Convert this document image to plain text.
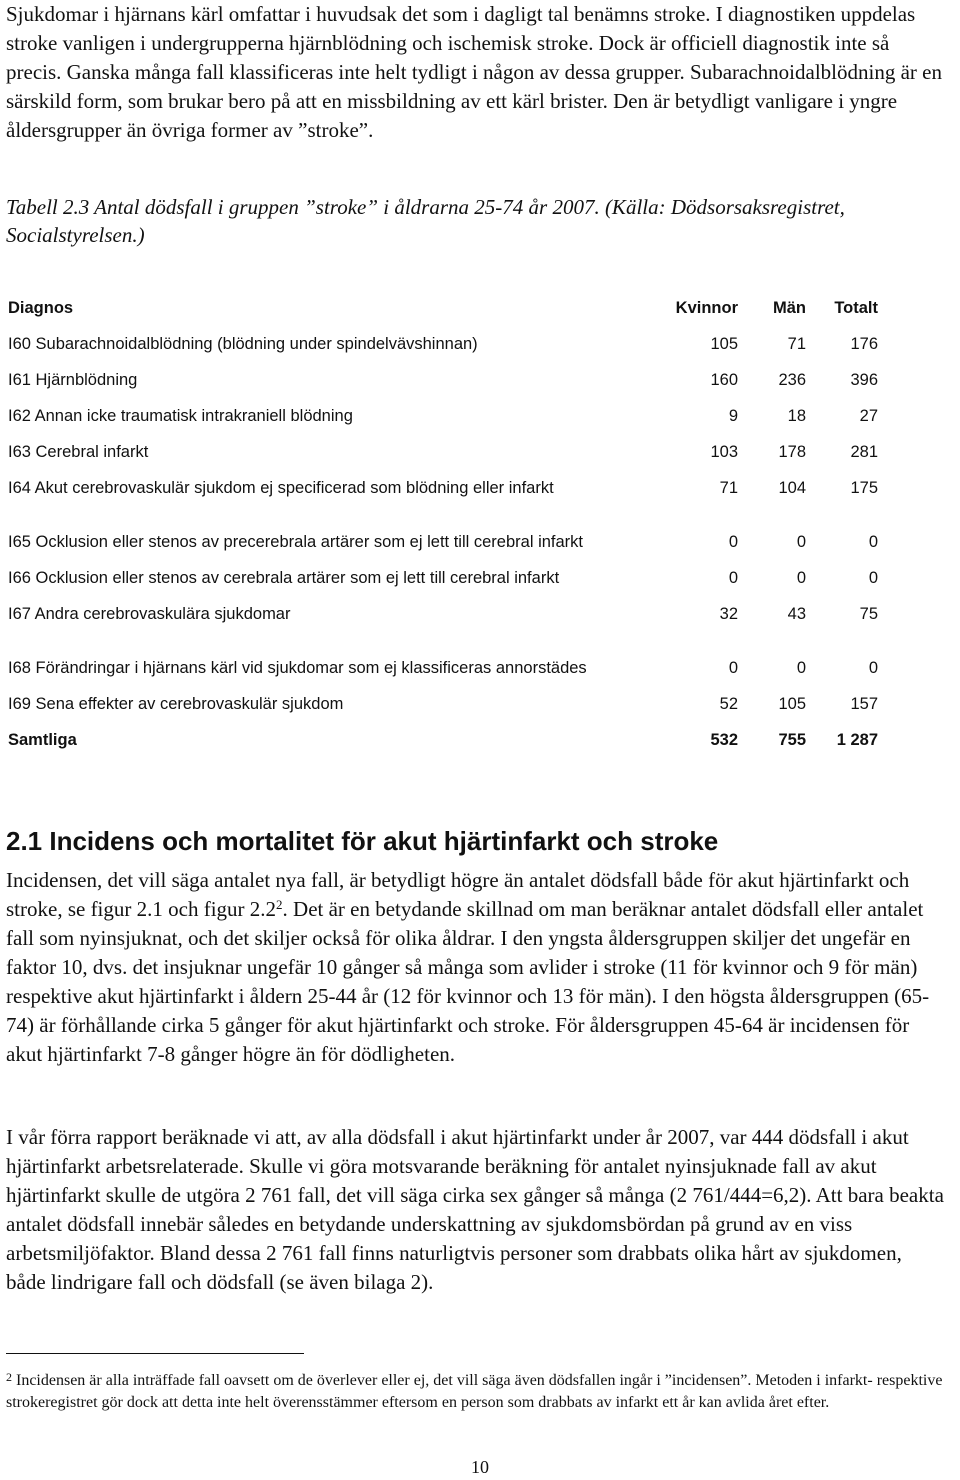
Sjukdomar i hjärnans kärl omfattar i huvudsak det som i dagligt tal benämns stroke. I diagnostiken uppdelas stroke vanligen i undergrupperna hjärnblödning och ischemisk stroke. Dock är officiell diagnostik inte så precis. Ganska många fall klassificeras inte helt tydligt i någon av dessa grupper. Subarachnoidalblödning är en särskild form, som brukar bero på att en missbildning av ett kärl brister. Den är betydligt vanligare i yngre åldersgrupper än övriga former av ”stroke”.

Tabell 2.3 Antal dödsfall i gruppen ”stroke” i åldrarna 25-74 år 2007. (Källa: Dödsorsaksregistret, Socialstyrelsen.)

Diagnos	Kvinnor	Män	Totalt
I60 Subarachnoidalblödning (blödning under spindelvävshinnan)	105	71	176
I61 Hjärnblödning	160	236	396
I62 Annan icke traumatisk intrakraniell blödning	9	18	27
I63 Cerebral infarkt	103	178	281
I64 Akut cerebrovaskulär sjukdom ej specificerad som blödning eller infarkt	71	104	175
I65 Ocklusion eller stenos av precerebrala artärer som ej lett till cerebral infarkt	0	0	0
I66 Ocklusion eller stenos av cerebrala artärer som ej lett till cerebral infarkt	0	0	0
I67 Andra cerebrovaskulära sjukdomar	32	43	75
I68 Förändringar i hjärnans kärl vid sjukdomar som ej klassificeras annorstädes	0	0	0
I69 Sena effekter av cerebrovaskulär sjukdom	52	105	157
Samtliga	532	755	1 287
2.1 Incidens och mortalitet för akut hjärtinfarkt och stroke

Incidensen, det vill säga antalet nya fall, är betydligt högre än antalet dödsfall både för akut hjärtinfarkt och stroke, se figur 2.1 och figur $2.2^2$. Det är en betydande skillnad om man beräknar antalet dödsfall eller antalet fall som nyinsjuknat, och det skiljer också för olika åldrar. I den yngsta åldersgruppen skiljer det ungefär en faktor 10, dvs. det insjuknar ungefär 10 gånger så många som avlider i stroke (11 för kvinnor och 9 för män) respektive akut hjärtinfarkt i åldern 25-44 år (12 för kvinnor och 13 för män). I den högsta åldersgruppen (65-74) är förhållande cirka 5 gånger för akut hjärtinfarkt och stroke. För åldersgruppen 45-64 är incidensen för akut hjärtinfarkt 7-8 gånger högre än för dödligheten.

I vår förra rapport beräknade vi att, av alla dödsfall i akut hjärtinfarkt under år 2007, var 444 dödsfall i akut hjärtinfarkt arbetsrelaterade. Skulle vi göra motsvarande beräkning för antalet nyinsjuknade fall av akut hjärtinfarkt skulle de utgöra 2 761 fall, det vill säga cirka sex gånger så många (2 761/444=6,2). Att bara beakta antalet dödsfall innebär således en betydande underskattning av sjukdomsbördan på grund av en viss arbetsmiljöfaktor. Bland dessa 2 761 fall finns naturligtvis personer som drabbats olika hårt av sjukdomen, både lindrigare fall och dödsfall (se även bilaga 2).

$^2$ Incidensen är alla inträffade fall oavsett om de överlever eller ej, det vill säga även dödsfallen ingår i ”incidensen”. Metoden i infarkt- respektive strokeregistret gör dock att detta inte helt överensstämmer eftersom en person som drabbats av infarkt ett år kan avlida året efter.

10
